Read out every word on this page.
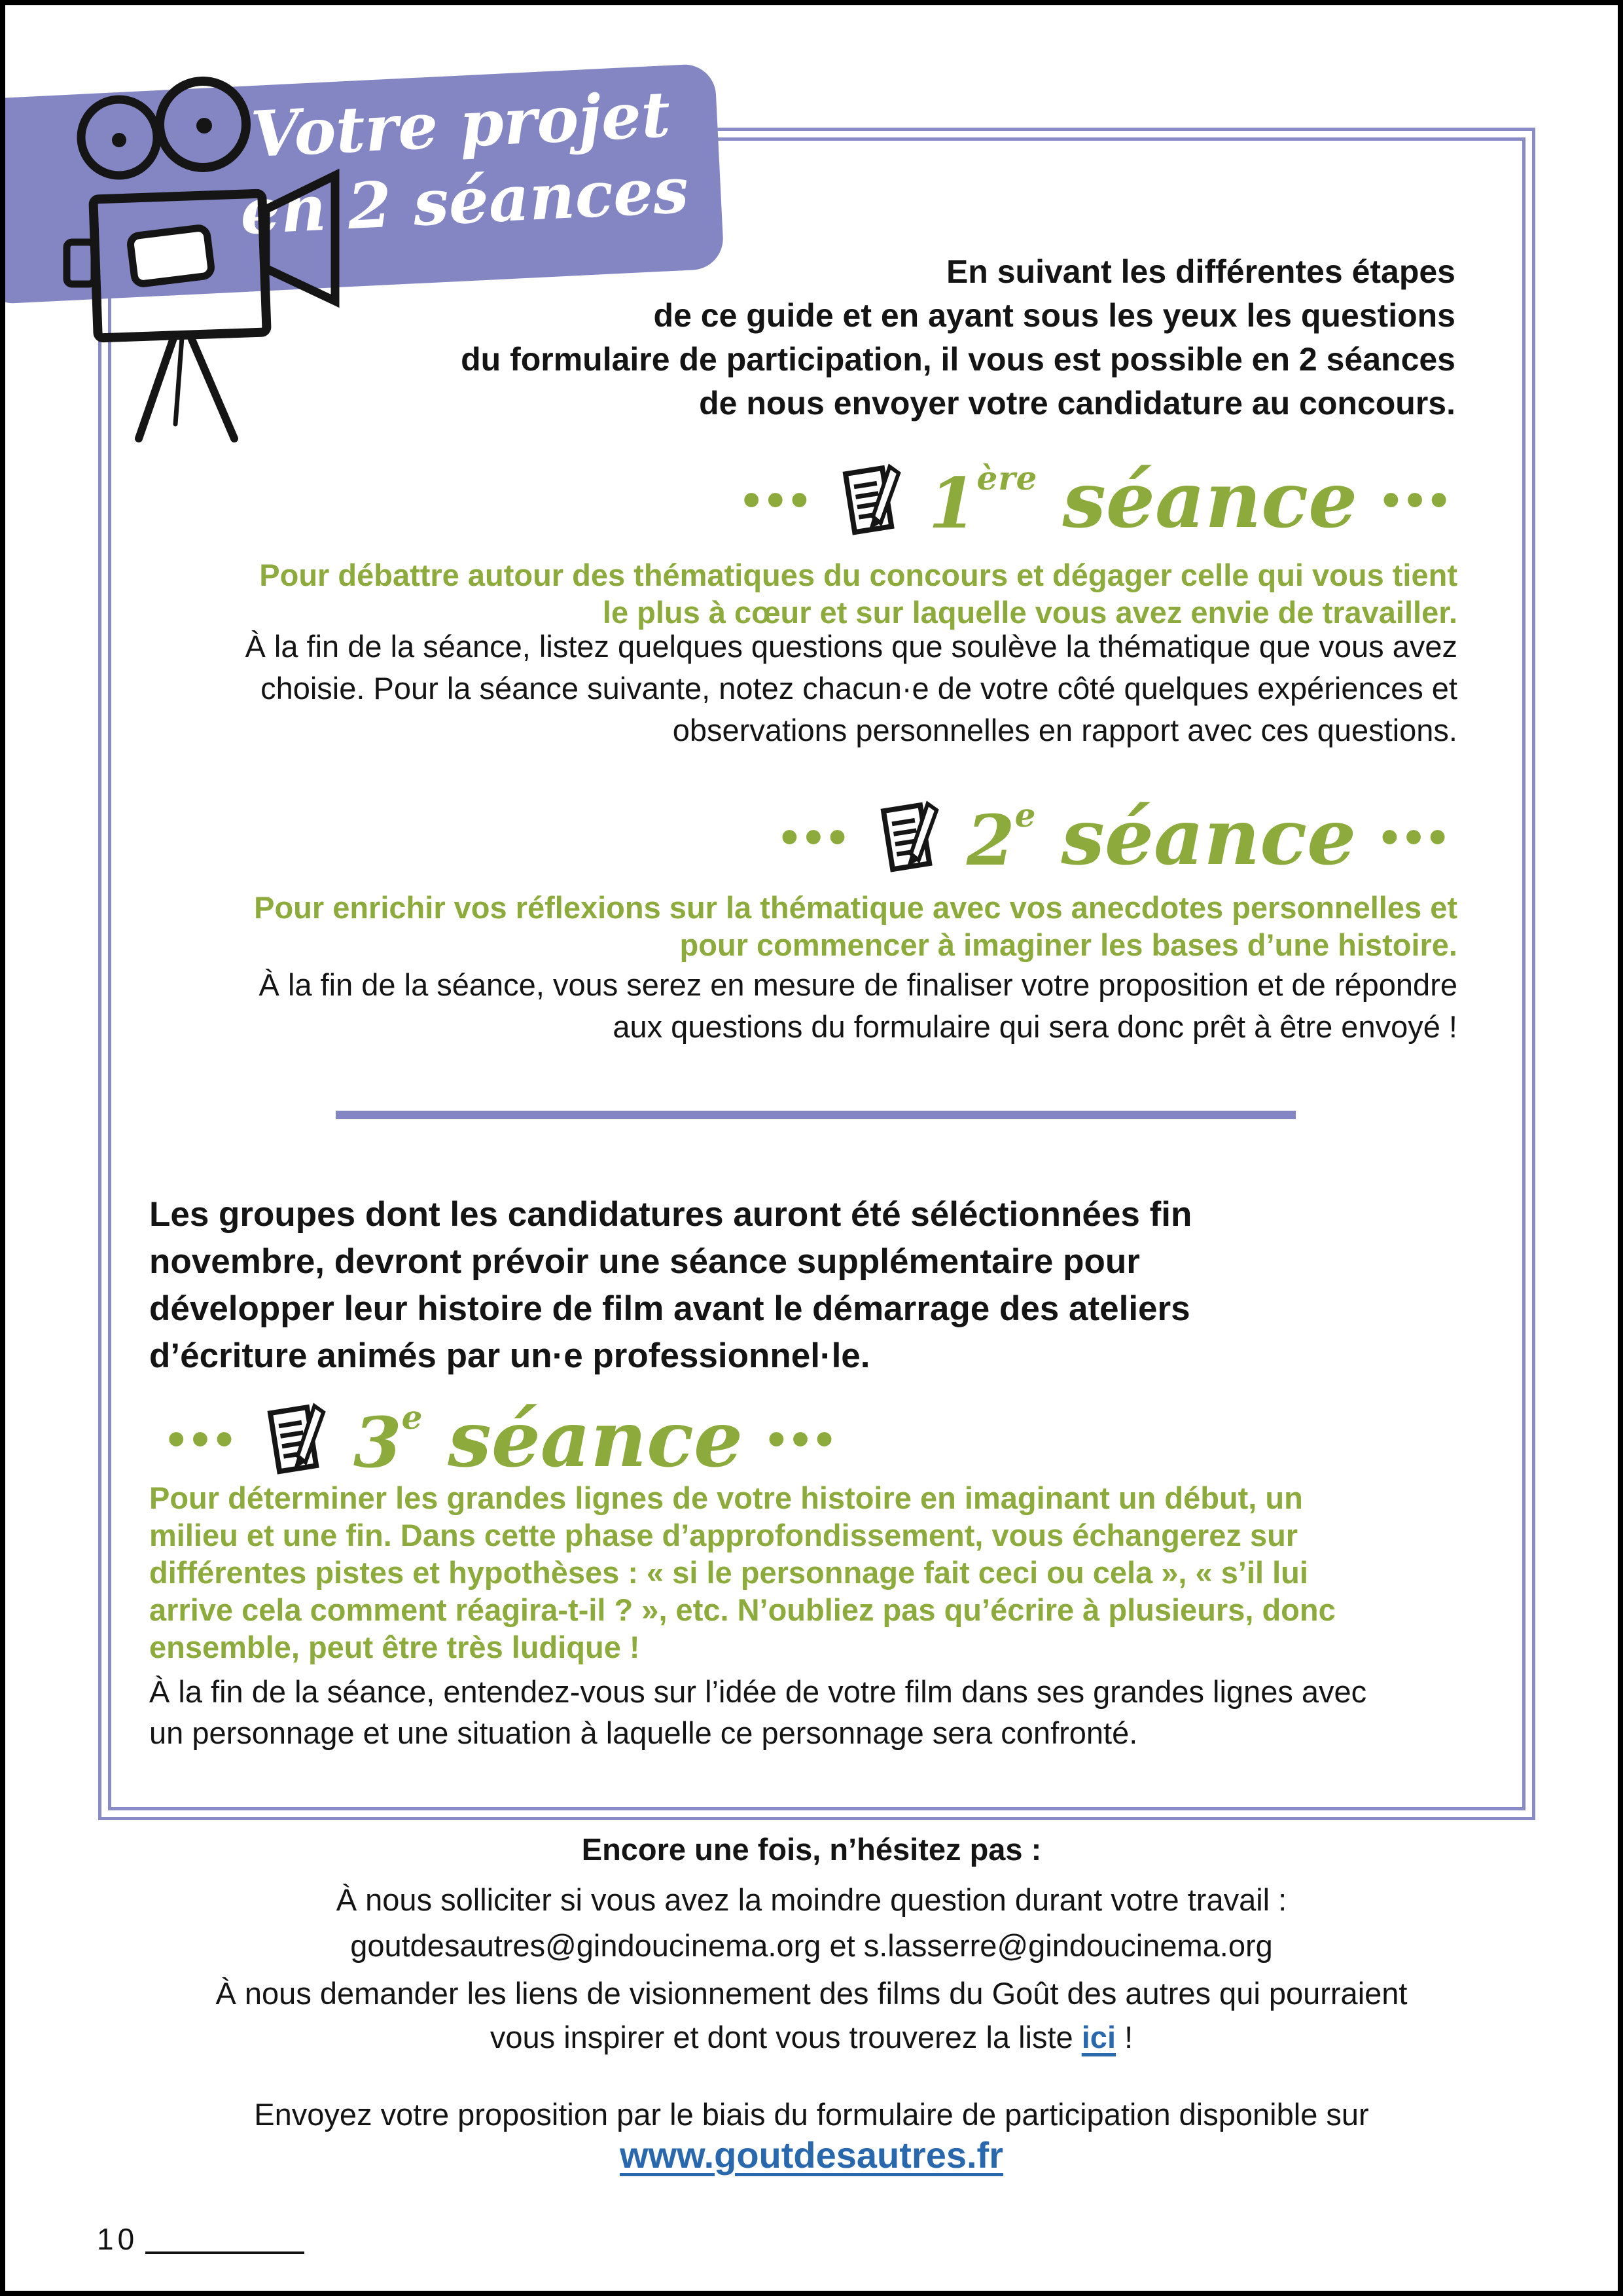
Votre projet
en 2 séances
En suivant les différentes étapes
de ce guide et en ayant sous les yeux les questions
du formulaire de participation, il vous est possible en 2 séances
de nous envoyer votre candidature au concours.
••• 1ère séance •••
Pour débattre autour des thématiques du concours et dégager celle qui vous tient
le plus à cœur et sur laquelle vous avez envie de travailler.
À la fin de la séance, listez quelques questions que soulève la thématique que vous avez
choisie. Pour la séance suivante, notez chacun·e de votre côté quelques expériences et
observations personnelles en rapport avec ces questions.
••• 2e séance •••
Pour enrichir vos réflexions sur la thématique avec vos anecdotes personnelles et
pour commencer à imaginer les bases d’une histoire.
À la fin de la séance, vous serez en mesure de finaliser votre proposition et de répondre
aux questions du formulaire qui sera donc prêt à être envoyé !
Les groupes dont les candidatures auront été séléctionnées fin
novembre, devront prévoir une séance supplémentaire pour
développer leur histoire de film avant le démarrage des ateliers
d’écriture animés par un·e professionnel·le.
••• 3e séance •••
Pour déterminer les grandes lignes de votre histoire en imaginant un début, un
milieu et une fin. Dans cette phase d’approfondissement, vous échangerez sur
différentes pistes et hypothèses : « si le personnage fait ceci ou cela », « s’il lui
arrive cela comment réagira-t-il ? », etc. N’oubliez pas qu’écrire à plusieurs, donc
ensemble, peut être très ludique !
À la fin de la séance, entendez-vous sur l’idée de votre film dans ses grandes lignes avec
un personnage et une situation à laquelle ce personnage sera confronté.
Encore une fois, n’hésitez pas :
À nous solliciter si vous avez la moindre question durant votre travail :
goutdesautres@gindoucinema.org et s.lasserre@gindoucinema.org
À nous demander les liens de visionnement des films du Goût des autres qui pourraient
vous inspirer et dont vous trouverez la liste ici !
Envoyez votre proposition par le biais du formulaire de participation disponible sur
www.goutdesautres.fr
10
